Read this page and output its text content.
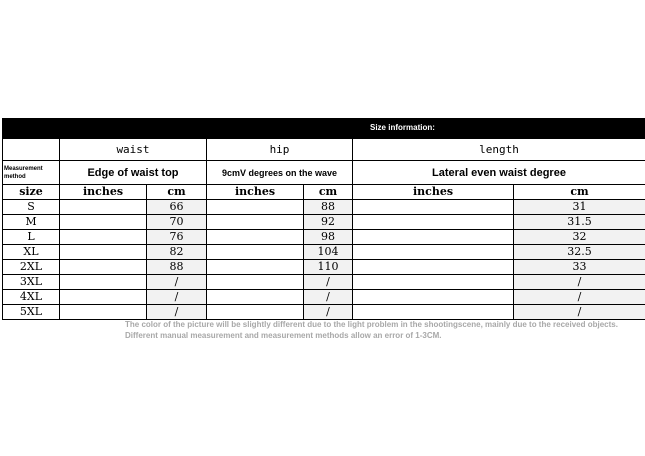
Size information:
	waist		hip		length	
Measurement method	Edge of waist top		9cmV degrees on the wave		Lateral even waist degree	
size	inches	cm	inches	cm	inches	cm
S		66		88		31
M		70		92		31.5
L		76		98		32
XL		82		104		32.5
2XL		88		110		33
3XL		/		/		/
4XL		/		/		/
5XL		/		/		/
The color of the picture will be slightly different due to the light problem in the shootingscene, mainly due to the received objects. Different manual measurement and measurement methods allow an error of 1-3CM.
